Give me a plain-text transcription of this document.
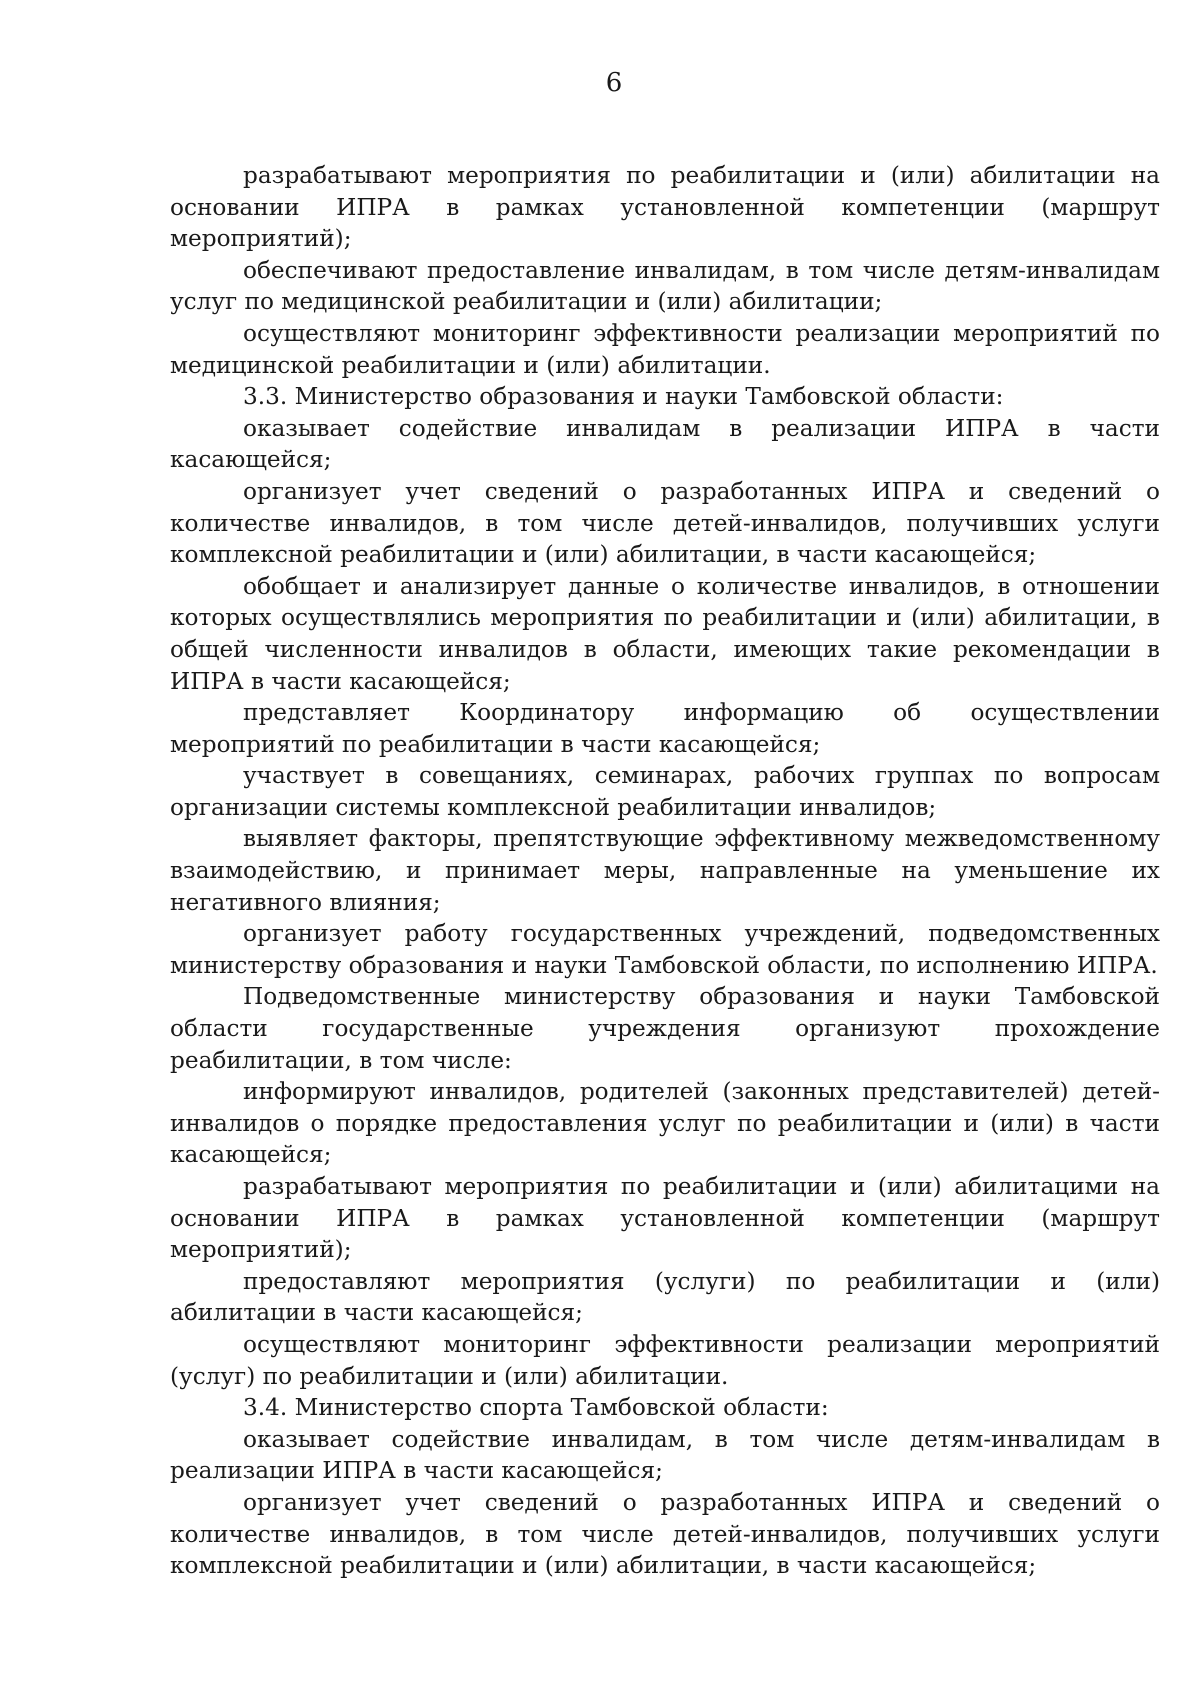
6

разрабатывают мероприятия по реабилитации и (или) абилитации на основании ИПРА в рамках установленной компетенции (маршрут мероприятий);

обеспечивают предоставление инвалидам, в том числе детям-инвалидам услуг по медицинской реабилитации и (или) абилитации;

осуществляют мониторинг эффективности реализации мероприятий по медицинской реабилитации и (или) абилитации.

3.3. Министерство образования и науки Тамбовской области:

оказывает содействие инвалидам в реализации ИПРА в части касающейся;

организует учет сведений о разработанных ИПРА и сведений о количестве инвалидов, в том числе детей-инвалидов, получивших услуги комплексной реабилитации и (или) абилитации, в части касающейся;

обобщает и анализирует данные о количестве инвалидов, в отношении которых осуществлялись мероприятия по реабилитации и (или) абилитации, в общей численности инвалидов в области, имеющих такие рекомендации в ИПРА в части касающейся;

представляет Координатору информацию об осуществлении мероприятий по реабилитации в части касающейся;

участвует в совещаниях, семинарах, рабочих группах по вопросам организации системы комплексной реабилитации инвалидов;

выявляет факторы, препятствующие эффективному межведомственному взаимодействию, и принимает меры, направленные на уменьшение их негативного влияния;

организует работу государственных учреждений, подведомственных министерству образования и науки Тамбовской области, по исполнению ИПРА.

Подведомственные министерству образования и науки Тамбовской области государственные учреждения организуют прохождение реабилитации, в том числе:

информируют инвалидов, родителей (законных представителей) детей-инвалидов о порядке предоставления услуг по реабилитации и (или) в части касающейся;

разрабатывают мероприятия по реабилитации и (или) абилитацими на основании ИПРА в рамках установленной компетенции (маршрут мероприятий);

предоставляют мероприятия (услуги) по реабилитации и (или) абилитации в части касающейся;

осуществляют мониторинг эффективности реализации мероприятий (услуг) по реабилитации и (или) абилитации.

3.4. Министерство спорта Тамбовской области:

оказывает содействие инвалидам, в том числе детям-инвалидам в реализации ИПРА в части касающейся;

организует учет сведений о разработанных ИПРА и сведений о количестве инвалидов, в том числе детей-инвалидов, получивших услуги комплексной реабилитации и (или) абилитации, в части касающейся;
